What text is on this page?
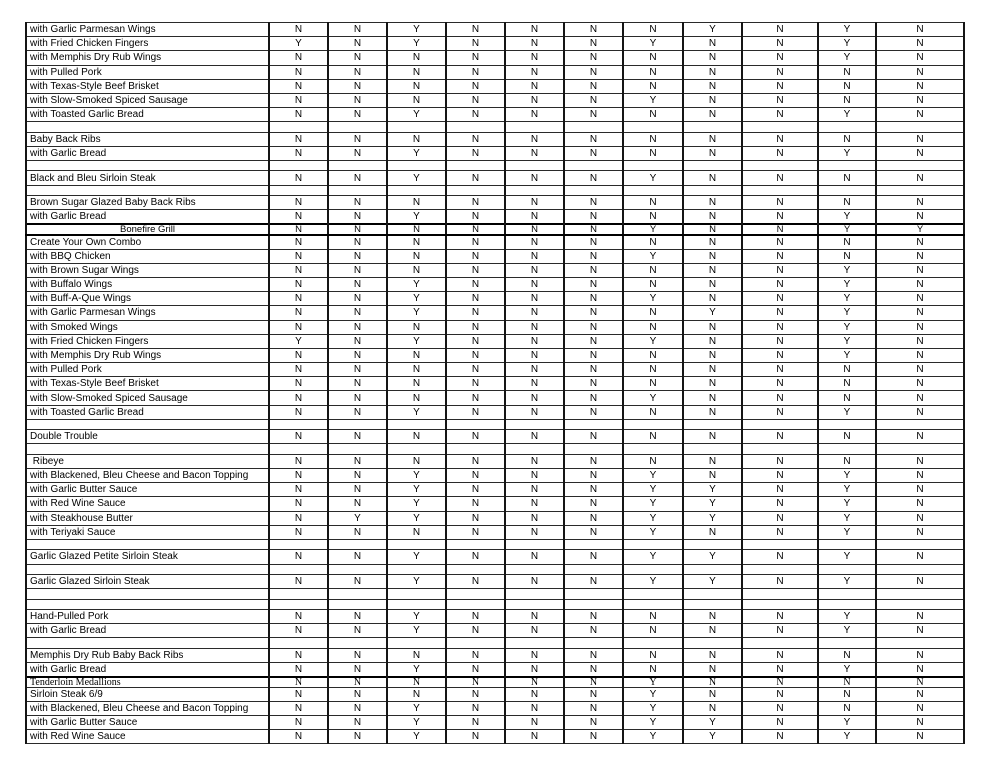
with Garlic Parmesan Wings	N	N	Y	N	N	N	N	Y	N	Y	N
with Fried Chicken Fingers	Y	N	Y	N	N	N	Y	N	N	Y	N
with Memphis Dry Rub Wings	N	N	N	N	N	N	N	N	N	Y	N
with Pulled Pork	N	N	N	N	N	N	N	N	N	N	N
with Texas-Style Beef Brisket	N	N	N	N	N	N	N	N	N	N	N
with Slow-Smoked Spiced Sausage	N	N	N	N	N	N	Y	N	N	N	N
with Toasted Garlic Bread	N	N	Y	N	N	N	N	N	N	Y	N

Baby Back Ribs	N	N	N	N	N	N	N	N	N	N	N
with Garlic Bread	N	N	Y	N	N	N	N	N	N	Y	N

Black and Bleu Sirloin Steak	N	N	Y	N	N	N	Y	N	N	N	N

Brown Sugar Glazed Baby Back Ribs	N	N	N	N	N	N	N	N	N	N	N
with Garlic Bread	N	N	Y	N	N	N	N	N	N	Y	N
Bonefire Grill	N	N	N	N	N	N	Y	N	N	Y	Y
Create Your Own Combo	N	N	N	N	N	N	N	N	N	N	N
with BBQ Chicken	N	N	N	N	N	N	Y	N	N	N	N
with Brown Sugar Wings	N	N	N	N	N	N	N	N	N	Y	N
with Buffalo Wings	N	N	Y	N	N	N	N	N	N	Y	N
with Buff-A-Que Wings	N	N	Y	N	N	N	Y	N	N	Y	N
with Garlic Parmesan Wings	N	N	Y	N	N	N	N	Y	N	Y	N
with Smoked Wings	N	N	N	N	N	N	N	N	N	Y	N
with Fried Chicken Fingers	Y	N	Y	N	N	N	Y	N	N	Y	N
with Memphis Dry Rub Wings	N	N	N	N	N	N	N	N	N	Y	N
with Pulled Pork	N	N	N	N	N	N	N	N	N	N	N
with Texas-Style Beef Brisket	N	N	N	N	N	N	N	N	N	N	N
with Slow-Smoked Spiced Sausage	N	N	N	N	N	N	Y	N	N	N	N
with Toasted Garlic Bread	N	N	Y	N	N	N	N	N	N	Y	N

Double Trouble	N	N	N	N	N	N	N	N	N	N	N

Ribeye	N	N	N	N	N	N	N	N	N	N	N
with Blackened, Bleu Cheese and Bacon Topping	N	N	Y	N	N	N	Y	N	N	Y	N
with Garlic Butter Sauce	N	N	Y	N	N	N	Y	Y	N	Y	N
with Red Wine Sauce	N	N	Y	N	N	N	Y	Y	N	Y	N
with Steakhouse Butter	N	Y	Y	N	N	N	Y	Y	N	Y	N
with Teriyaki Sauce	N	N	N	N	N	N	Y	N	N	Y	N

Garlic Glazed Petite Sirloin Steak	N	N	Y	N	N	N	Y	Y	N	Y	N

Garlic Glazed Sirloin Steak	N	N	Y	N	N	N	Y	Y	N	Y	N

Hand-Pulled Pork	N	N	Y	N	N	N	N	N	N	Y	N
with Garlic Bread	N	N	Y	N	N	N	N	N	N	Y	N

Memphis Dry Rub Baby Back Ribs	N	N	N	N	N	N	N	N	N	N	N
with Garlic Bread	N	N	Y	N	N	N	N	N	N	Y	N
Tenderloin Medallions	N	N	N	N	N	N	Y	N	N	N	N
Sirloin Steak 6/9	N	N	N	N	N	N	Y	N	N	N	N
with Blackened, Bleu Cheese and Bacon Topping	N	N	Y	N	N	N	Y	N	N	N	N
with Garlic Butter Sauce	N	N	Y	N	N	N	Y	Y	N	Y	N
with Red Wine Sauce	N	N	Y	N	N	N	Y	Y	N	Y	N
